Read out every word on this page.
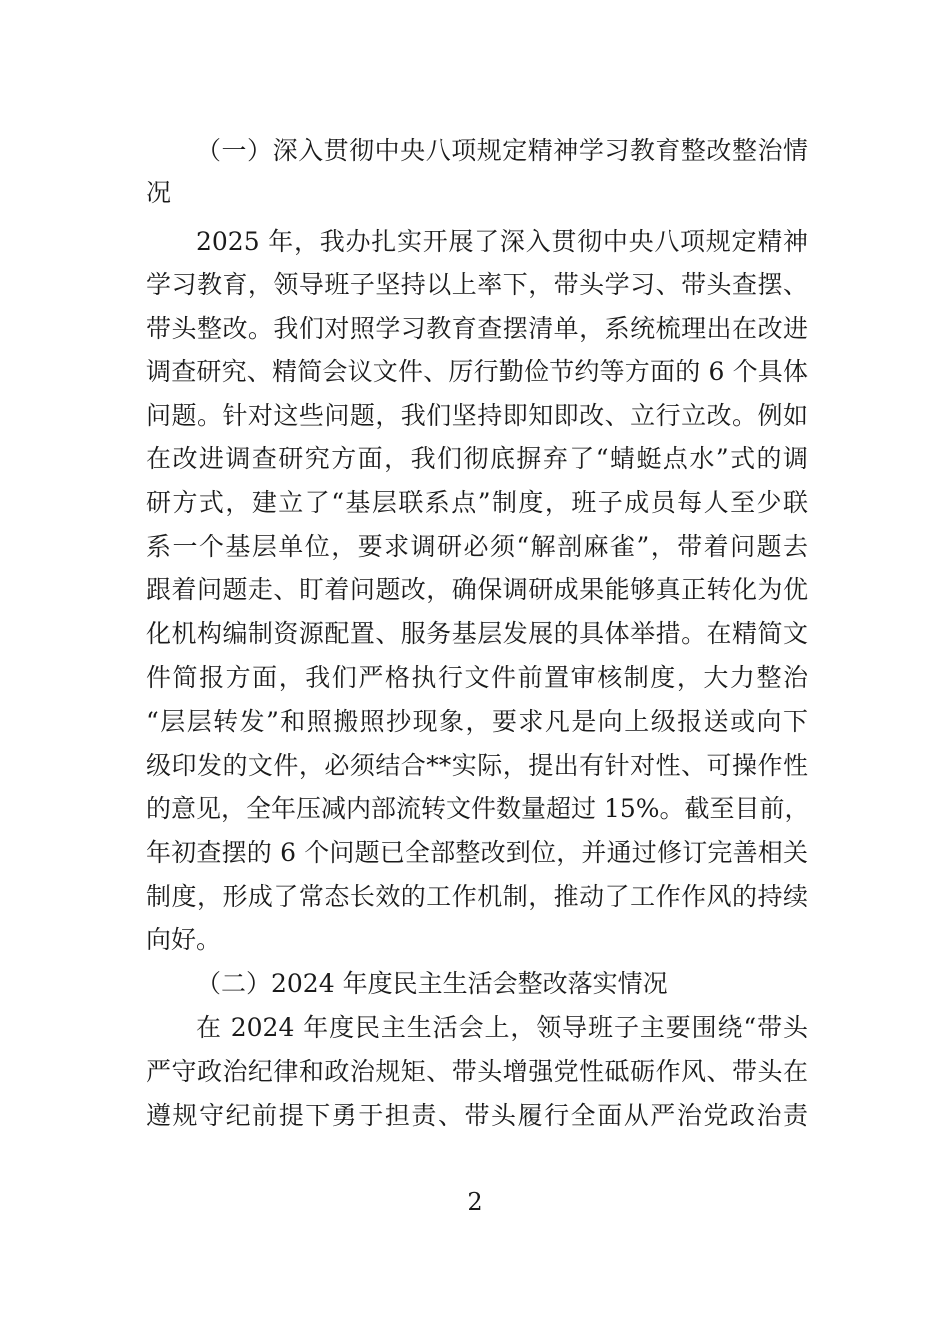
（一）深入贯彻中央八项规定精神学习教育整改整治情
况
2025 年，我办扎实开展了深入贯彻中央八项规定精神
学习教育，领导班子坚持以上率下，带头学习、带头查摆、
带头整改。我们对照学习教育查摆清单，系统梳理出在改进
调查研究、精简会议文件、厉行勤俭节约等方面的 6 个具体
问题。针对这些问题，我们坚持即知即改、立行立改。例如
在改进调查研究方面，我们彻底摒弃了“蜻蜓点水”式的调
研方式，建立了“基层联系点”制度，班子成员每人至少联
系一个基层单位，要求调研必须“解剖麻雀”，带着问题去
跟着问题走、盯着问题改，确保调研成果能够真正转化为优
化机构编制资源配置、服务基层发展的具体举措。在精简文
件简报方面，我们严格执行文件前置审核制度，大力整治
“层层转发”和照搬照抄现象，要求凡是向上级报送或向下
级印发的文件，必须结合**实际，提出有针对性、可操作性
的意见，全年压减内部流转文件数量超过 15%。截至目前，
年初查摆的 6 个问题已全部整改到位，并通过修订完善相关
制度，形成了常态长效的工作机制，推动了工作作风的持续
向好。
（二）2024 年度民主生活会整改落实情况
在 2024 年度民主生活会上，领导班子主要围绕“带头
严守政治纪律和政治规矩、带头增强党性砥砺作风、带头在
遵规守纪前提下勇于担责、带头履行全面从严治党政治责
2
